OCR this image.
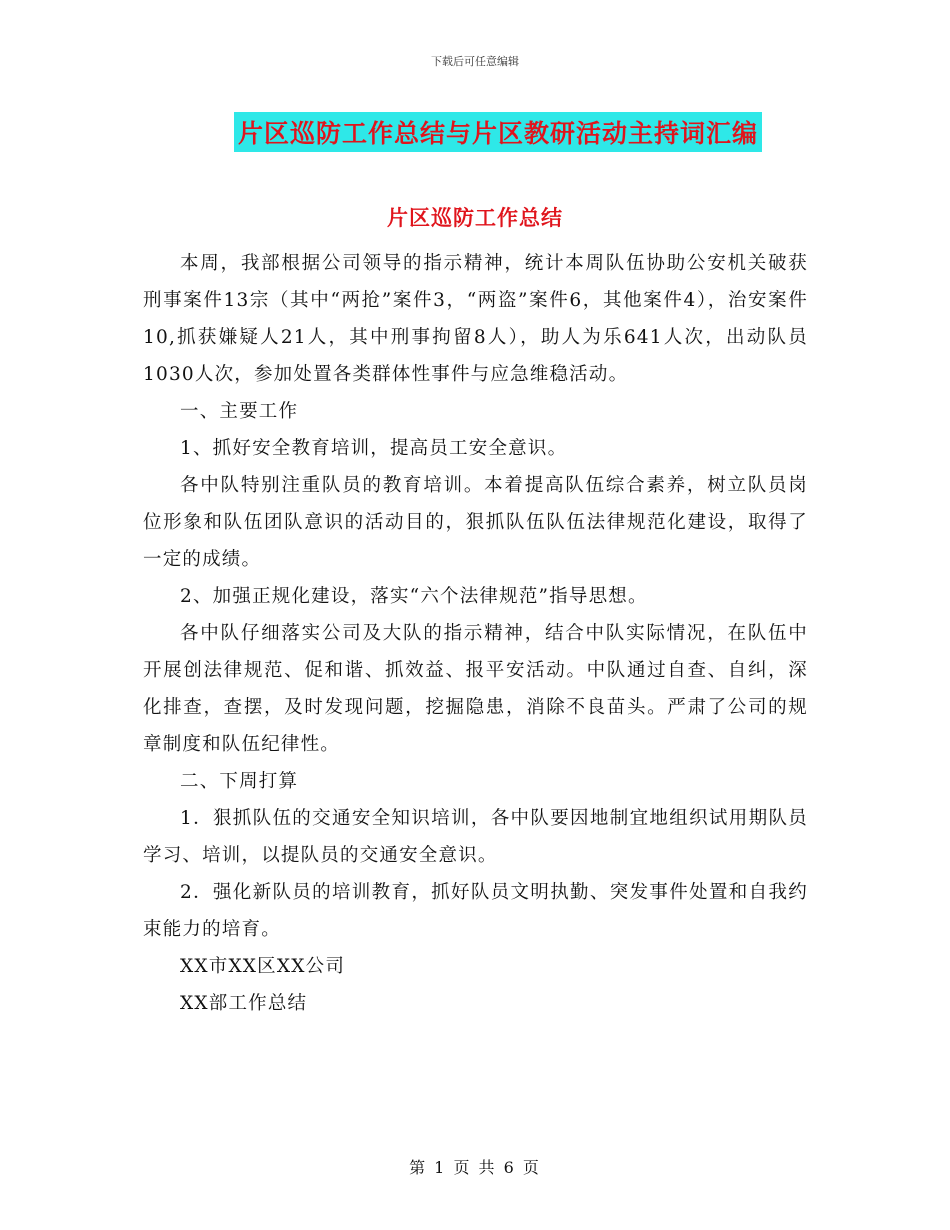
下载后可任意编辑
片区巡防工作总结与片区教研活动主持词汇编
片区巡防工作总结

本周，我部根据公司领导的指示精神，统计本周队伍协助公安机关破获刑事案件13宗（其中“两抢”案件3，“两盗”案件6，其他案件4），治安案件10,抓获嫌疑人21人，其中刑事拘留8人），助人为乐641人次，出动队员1030人次，参加处置各类群体性事件与应急维稳活动。

一、主要工作

1、抓好安全教育培训，提高员工安全意识。

各中队特别注重队员的教育培训。本着提高队伍综合素养，树立队员岗位形象和队伍团队意识的活动目的，狠抓队伍队伍法律规范化建设，取得了一定的成绩。

2、加强正规化建设，落实“六个法律规范”指导思想。

各中队仔细落实公司及大队的指示精神，结合中队实际情况，在队伍中开展创法律规范、促和谐、抓效益、报平安活动。中队通过自查、自纠，深化排查，查摆，及时发现问题，挖掘隐患，消除不良苗头。严肃了公司的规章制度和队伍纪律性。

二、下周打算

1．狠抓队伍的交通安全知识培训，各中队要因地制宜地组织试用期队员学习、培训，以提队员的交通安全意识。

2．强化新队员的培训教育，抓好队员文明执勤、突发事件处置和自我约束能力的培育。

XX市XX区XX公司

XX部工作总结

第 1 页 共 6 页
